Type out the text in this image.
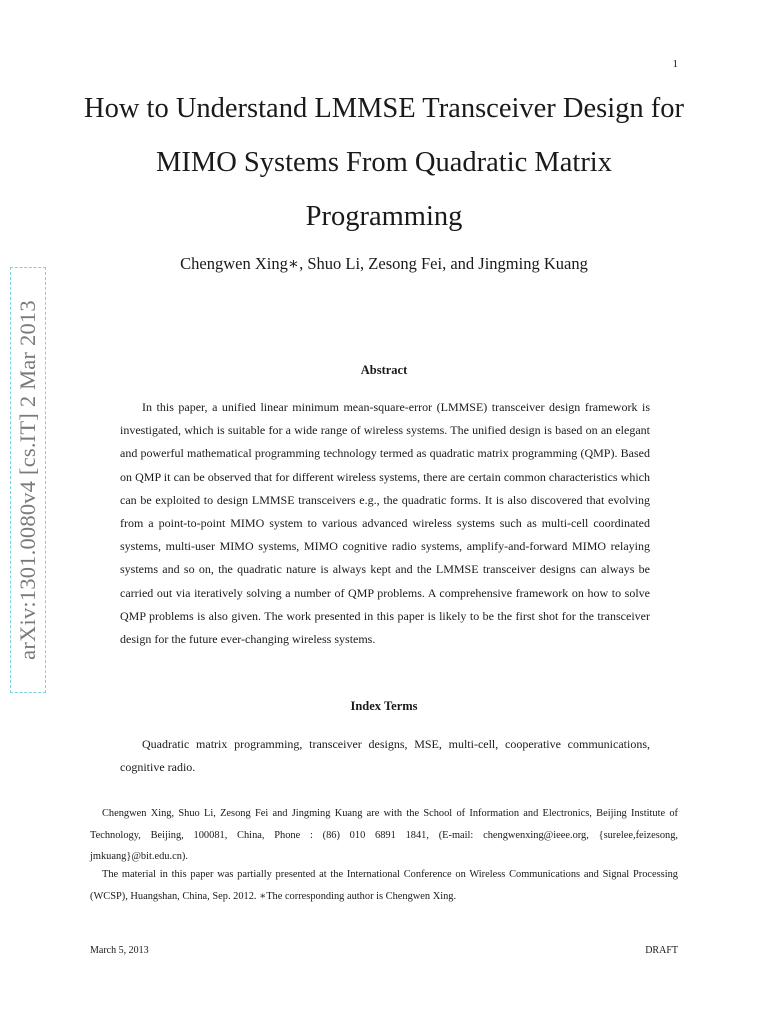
1
arXiv:1301.0080v4 [cs.IT] 2 Mar 2013
How to Understand LMMSE Transceiver Design for MIMO Systems From Quadratic Matrix Programming
Chengwen Xing∗, Shuo Li, Zesong Fei, and Jingming Kuang
Abstract

In this paper, a unified linear minimum mean-square-error (LMMSE) transceiver design framework is investigated, which is suitable for a wide range of wireless systems. The unified design is based on an elegant and powerful mathematical programming technology termed as quadratic matrix programming (QMP). Based on QMP it can be observed that for different wireless systems, there are certain common characteristics which can be exploited to design LMMSE transceivers e.g., the quadratic forms. It is also discovered that evolving from a point-to-point MIMO system to various advanced wireless systems such as multi-cell coordinated systems, multi-user MIMO systems, MIMO cognitive radio systems, amplify-and-forward MIMO relaying systems and so on, the quadratic nature is always kept and the LMMSE transceiver designs can always be carried out via iteratively solving a number of QMP problems. A comprehensive framework on how to solve QMP problems is also given. The work presented in this paper is likely to be the first shot for the transceiver design for the future ever-changing wireless systems.

Index Terms

Quadratic matrix programming, transceiver designs, MSE, multi-cell, cooperative communications, cognitive radio.

Chengwen Xing, Shuo Li, Zesong Fei and Jingming Kuang are with the School of Information and Electronics, Beijing Institute of Technology, Beijing, 100081, China, Phone : (86) 010 6891 1841, (E-mail: chengwenxing@ieee.org, {surelee,feizesong, jmkuang}@bit.edu.cn).

The material in this paper was partially presented at the International Conference on Wireless Communications and Signal Processing (WCSP), Huangshan, China, Sep. 2012. ∗The corresponding author is Chengwen Xing.

March 5, 2013	DRAFT
